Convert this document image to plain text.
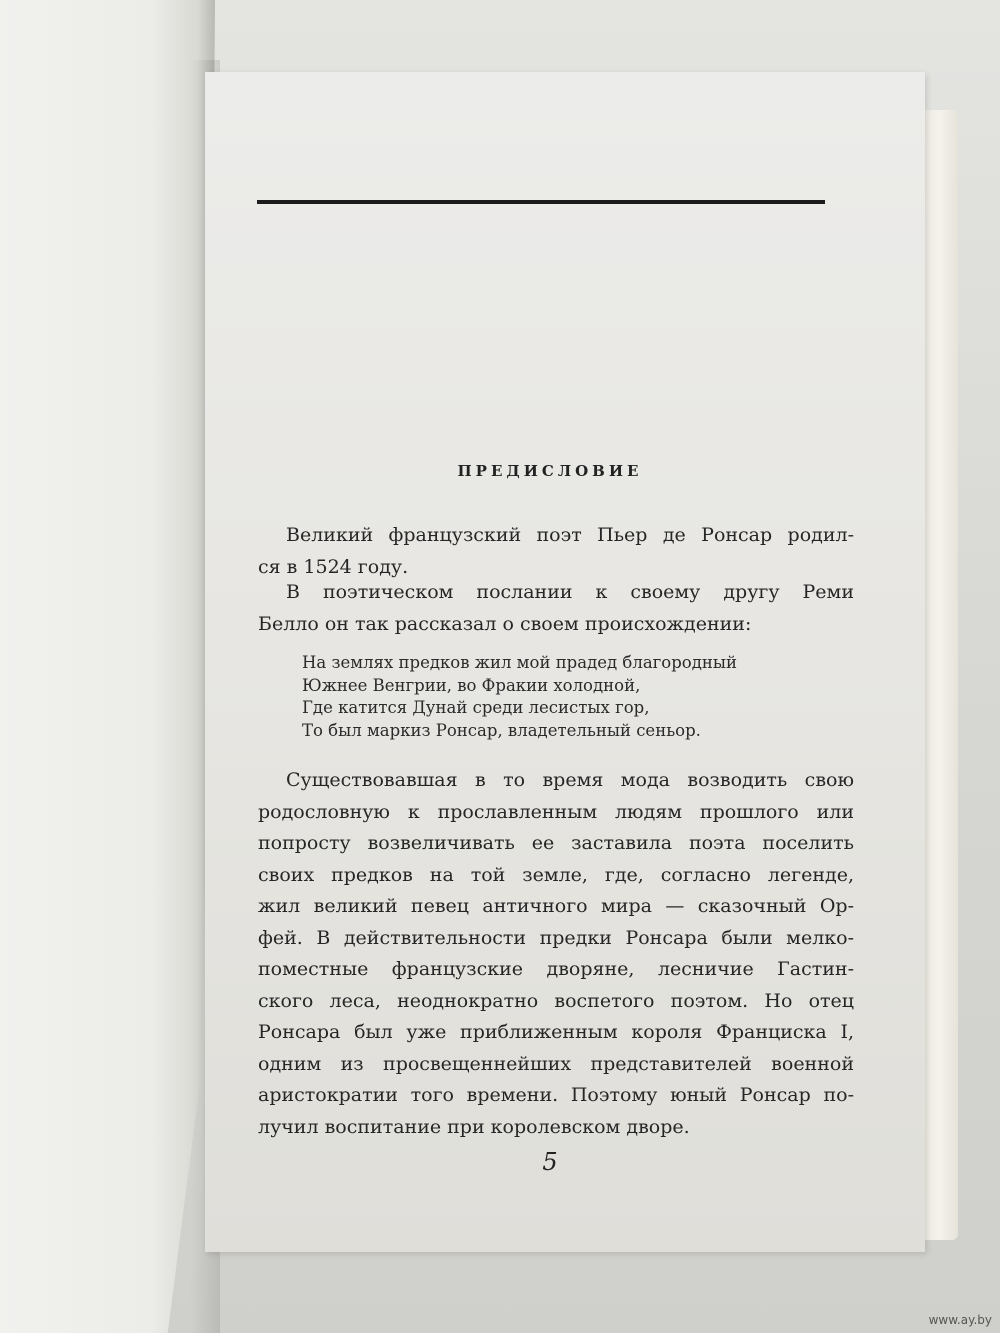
ПРЕДИСЛОВИЕ
Великий французский поэт Пьер де Ронсар родил-
ся в 1524 году.
В поэтическом послании к своему другу Реми
Белло он так рассказал о своем происхождении:
На землях предков жил мой прадед благородный
Южнее Венгрии, во Фракии холодной,
Где катится Дунай среди лесистых гор,
То был маркиз Ронсар, владетельный сеньор.
Существовавшая в то время мода возводить свою
родословную к прославленным людям прошлого или
попросту возвеличивать ее заставила поэта поселить
своих предков на той земле, где, согласно легенде,
жил великий певец античного мира — сказочный Ор-
фей. В действительности предки Ронсара были мелко-
поместные французские дворяне, лесничие Гастин-
ского леса, неоднократно воспетого поэтом. Но отец
Ронсара был уже приближенным короля Франциска I,
одним из просвещеннейших представителей военной
аристократии того времени. Поэтому юный Ронсар по-
лучил воспитание при королевском дворе.
5
www.ay.by
